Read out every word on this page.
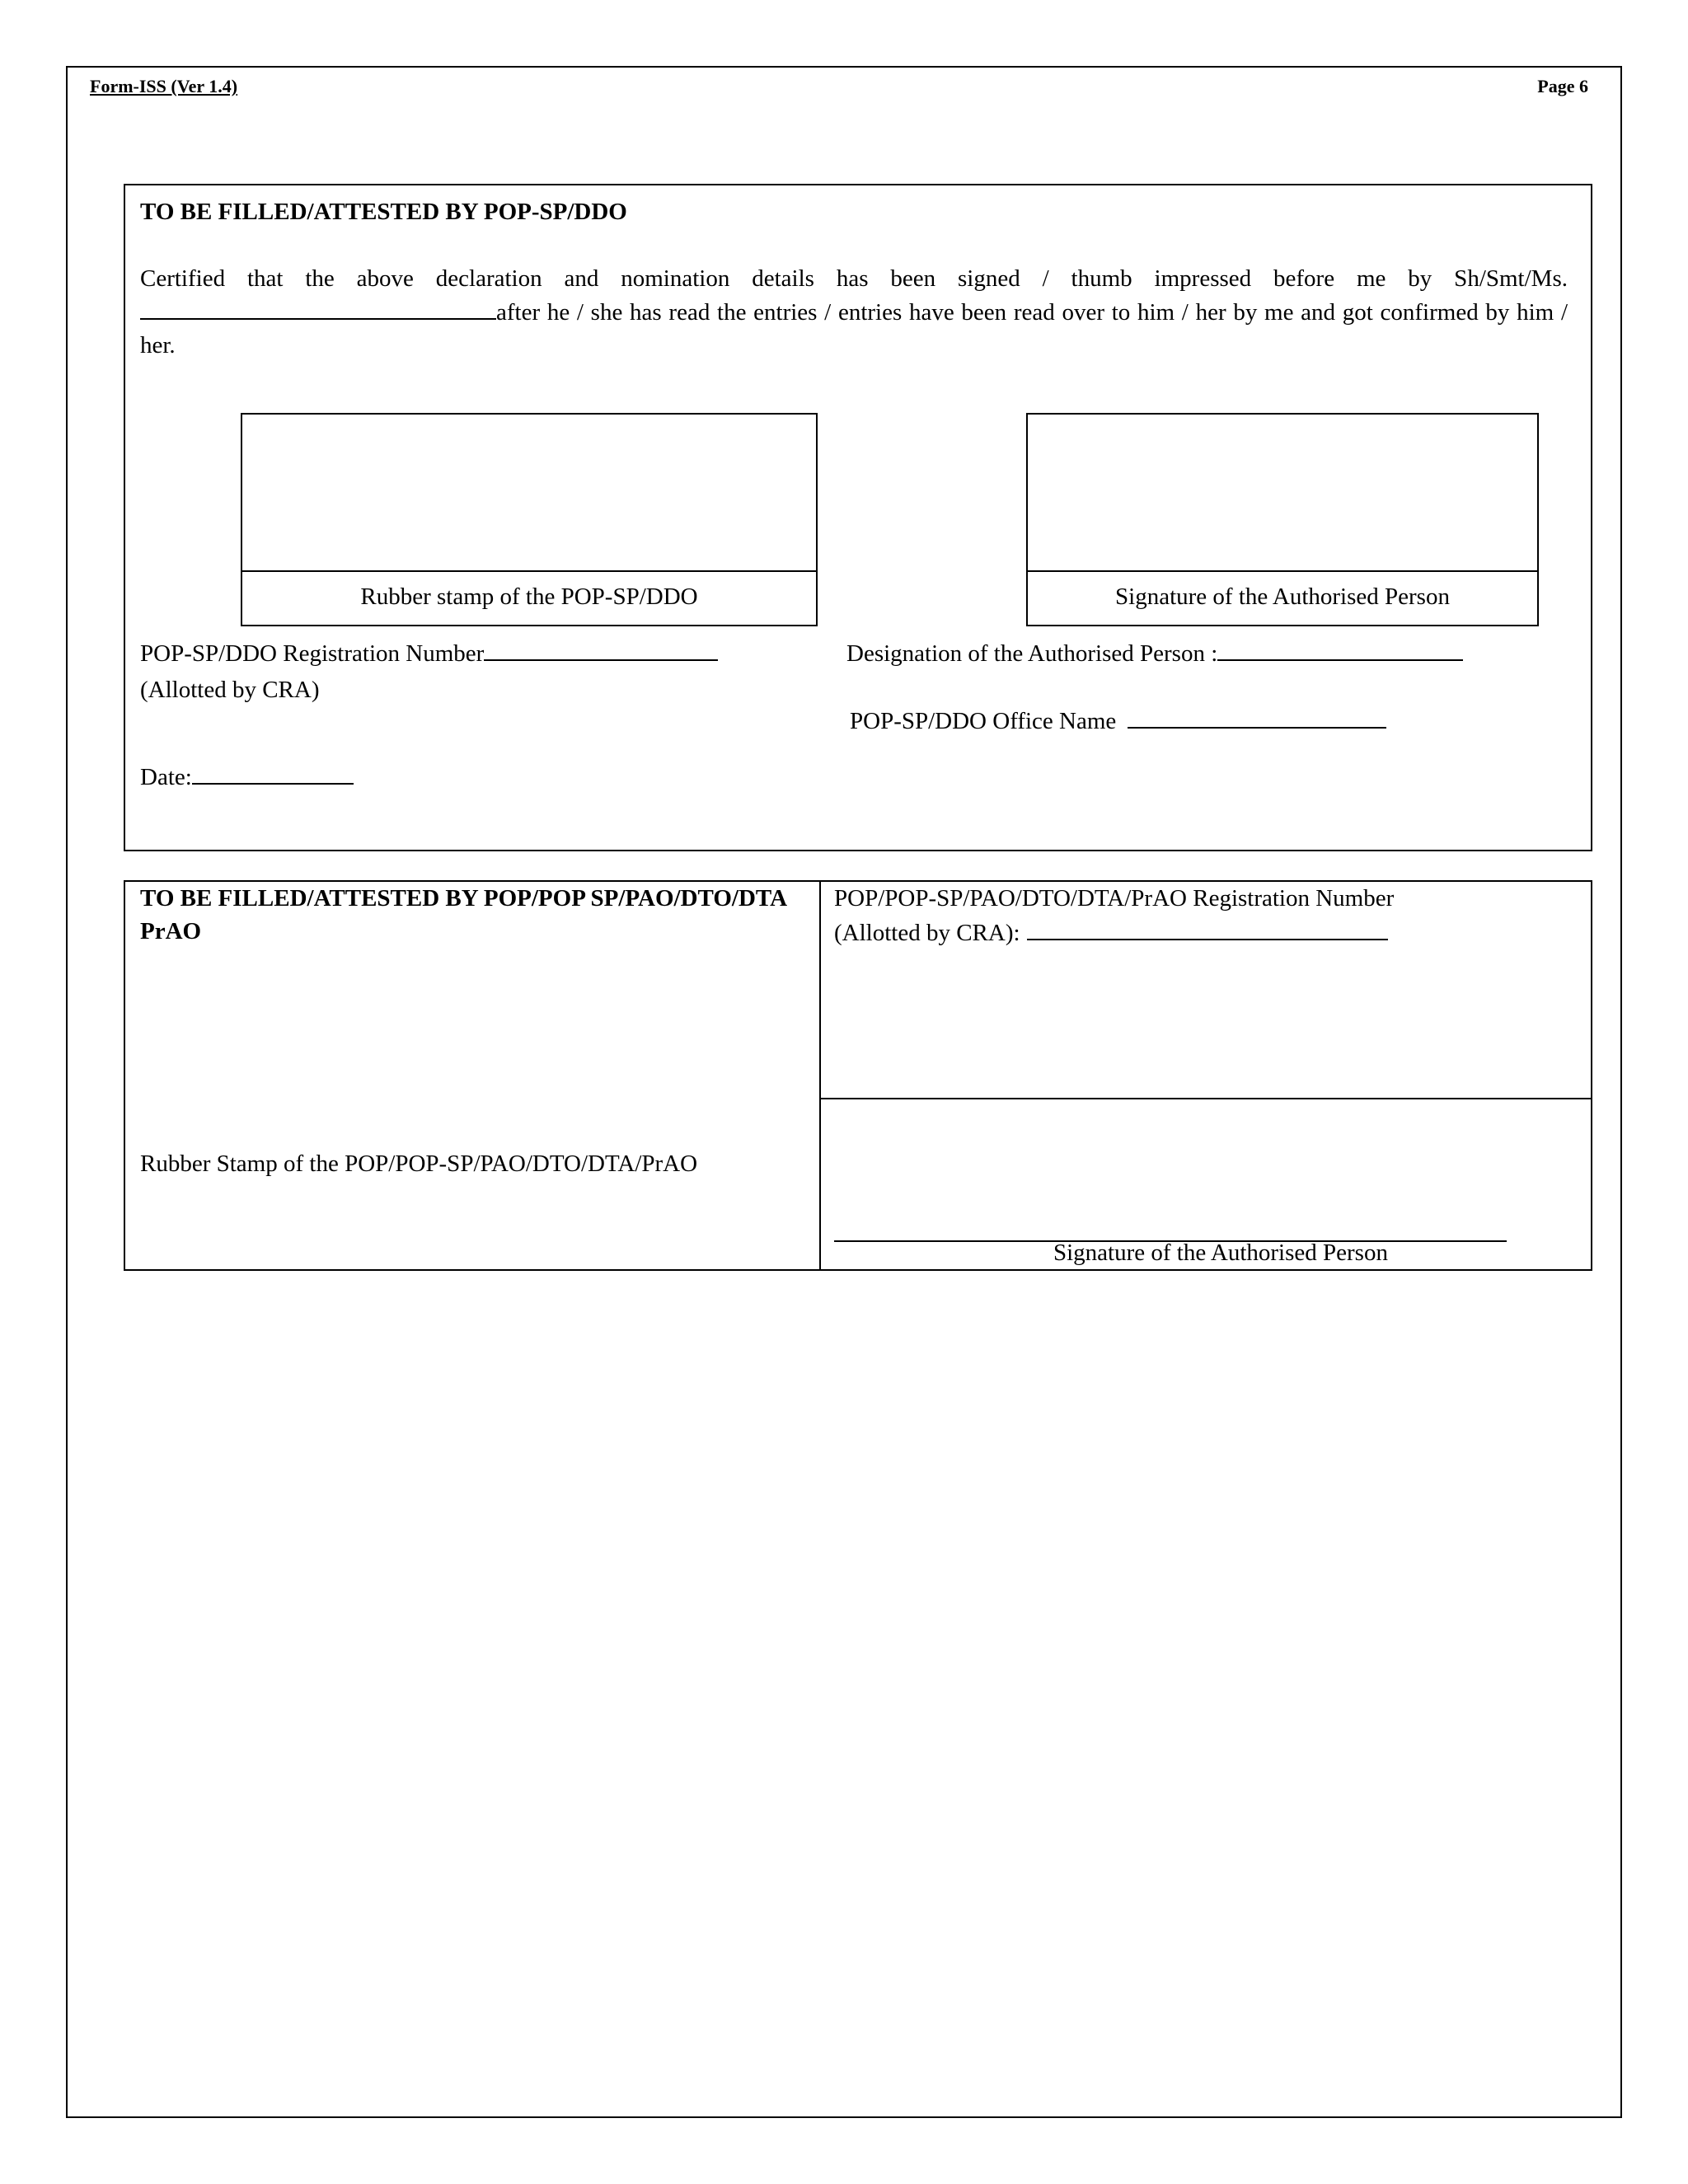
Form-ISS (Ver 1.4)	Page 6
TO BE FILLED/ATTESTED BY POP-SP/DDO
Certified that the above declaration and nomination details has been signed / thumb impressed before me by Sh/Smt/Ms.after he / she has read the entries / entries have been read over to him / her by me and got confirmed by him / her.
Rubber stamp of the POP-SP/DDO	Signature of the Authorised Person
POP-SP/DDO Registration Number
(Allotted by CRA)
Designation of the Authorised Person :
POP-SP/DDO Office Name
Date:
TO BE FILLED/ATTESTED BY POP/POP SP/PAO/DTO/DTA
PrAO
Rubber Stamp of the POP/POP-SP/PAO/DTO/DTA/PrAO
POP/POP-SP/PAO/DTO/DTA/PrAO Registration Number
(Allotted by CRA):
Signature of the Authorised Person
